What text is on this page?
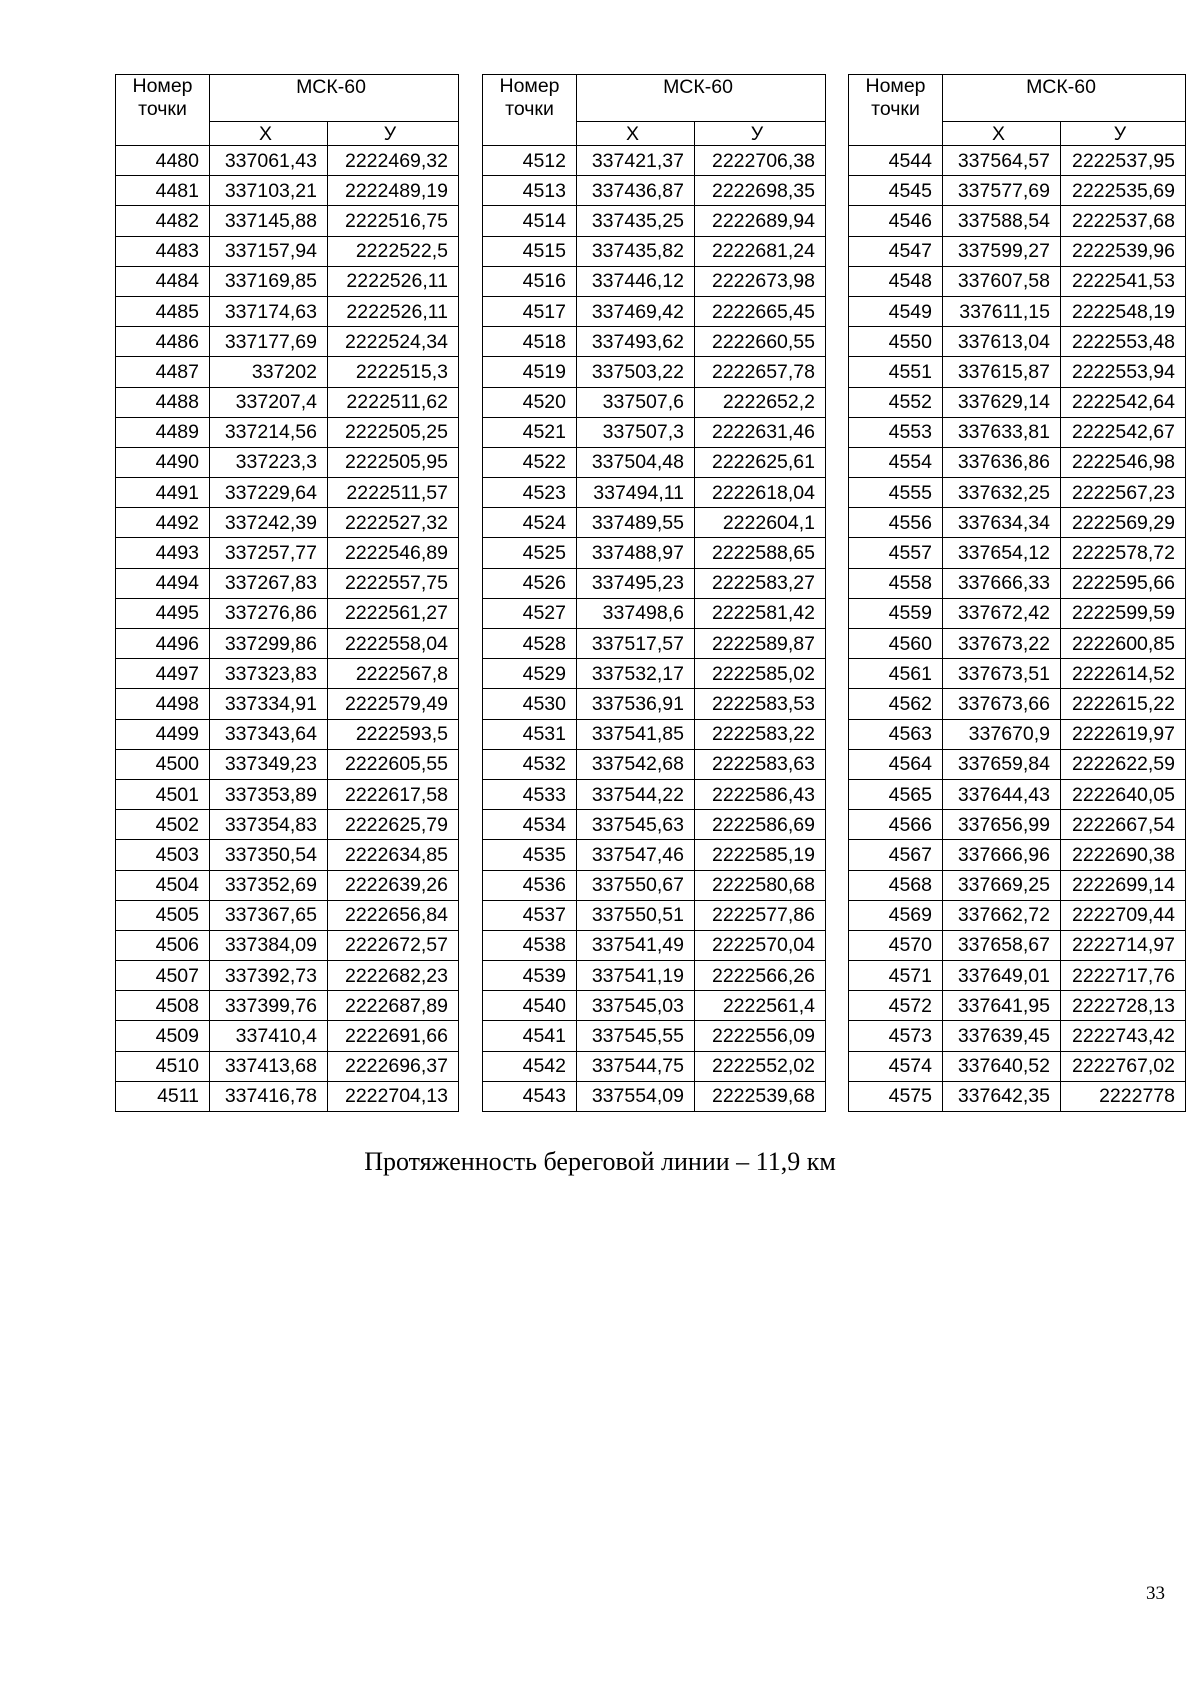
Номер точки	МСК-60	
	Х	У
4480	337061,43	2222469,32
4481	337103,21	2222489,19
4482	337145,88	2222516,75
4483	337157,94	2222522,5
4484	337169,85	2222526,11
4485	337174,63	2222526,11
4486	337177,69	2222524,34
4487	337202	2222515,3
4488	337207,4	2222511,62
4489	337214,56	2222505,25
4490	337223,3	2222505,95
4491	337229,64	2222511,57
4492	337242,39	2222527,32
4493	337257,77	2222546,89
4494	337267,83	2222557,75
4495	337276,86	2222561,27
4496	337299,86	2222558,04
4497	337323,83	2222567,8
4498	337334,91	2222579,49
4499	337343,64	2222593,5
4500	337349,23	2222605,55
4501	337353,89	2222617,58
4502	337354,83	2222625,79
4503	337350,54	2222634,85
4504	337352,69	2222639,26
4505	337367,65	2222656,84
4506	337384,09	2222672,57
4507	337392,73	2222682,23
4508	337399,76	2222687,89
4509	337410,4	2222691,66
4510	337413,68	2222696,37
4511	337416,78	2222704,13
Номер точки	МСК-60	
	Х	У
4512	337421,37	2222706,38
4513	337436,87	2222698,35
4514	337435,25	2222689,94
4515	337435,82	2222681,24
4516	337446,12	2222673,98
4517	337469,42	2222665,45
4518	337493,62	2222660,55
4519	337503,22	2222657,78
4520	337507,6	2222652,2
4521	337507,3	2222631,46
4522	337504,48	2222625,61
4523	337494,11	2222618,04
4524	337489,55	2222604,1
4525	337488,97	2222588,65
4526	337495,23	2222583,27
4527	337498,6	2222581,42
4528	337517,57	2222589,87
4529	337532,17	2222585,02
4530	337536,91	2222583,53
4531	337541,85	2222583,22
4532	337542,68	2222583,63
4533	337544,22	2222586,43
4534	337545,63	2222586,69
4535	337547,46	2222585,19
4536	337550,67	2222580,68
4537	337550,51	2222577,86
4538	337541,49	2222570,04
4539	337541,19	2222566,26
4540	337545,03	2222561,4
4541	337545,55	2222556,09
4542	337544,75	2222552,02
4543	337554,09	2222539,68
Номер точки	МСК-60	
	Х	У
4544	337564,57	2222537,95
4545	337577,69	2222535,69
4546	337588,54	2222537,68
4547	337599,27	2222539,96
4548	337607,58	2222541,53
4549	337611,15	2222548,19
4550	337613,04	2222553,48
4551	337615,87	2222553,94
4552	337629,14	2222542,64
4553	337633,81	2222542,67
4554	337636,86	2222546,98
4555	337632,25	2222567,23
4556	337634,34	2222569,29
4557	337654,12	2222578,72
4558	337666,33	2222595,66
4559	337672,42	2222599,59
4560	337673,22	2222600,85
4561	337673,51	2222614,52
4562	337673,66	2222615,22
4563	337670,9	2222619,97
4564	337659,84	2222622,59
4565	337644,43	2222640,05
4566	337656,99	2222667,54
4567	337666,96	2222690,38
4568	337669,25	2222699,14
4569	337662,72	2222709,44
4570	337658,67	2222714,97
4571	337649,01	2222717,76
4572	337641,95	2222728,13
4573	337639,45	2222743,42
4574	337640,52	2222767,02
4575	337642,35	2222778
Протяженность береговой линии – 11,9 км
33
